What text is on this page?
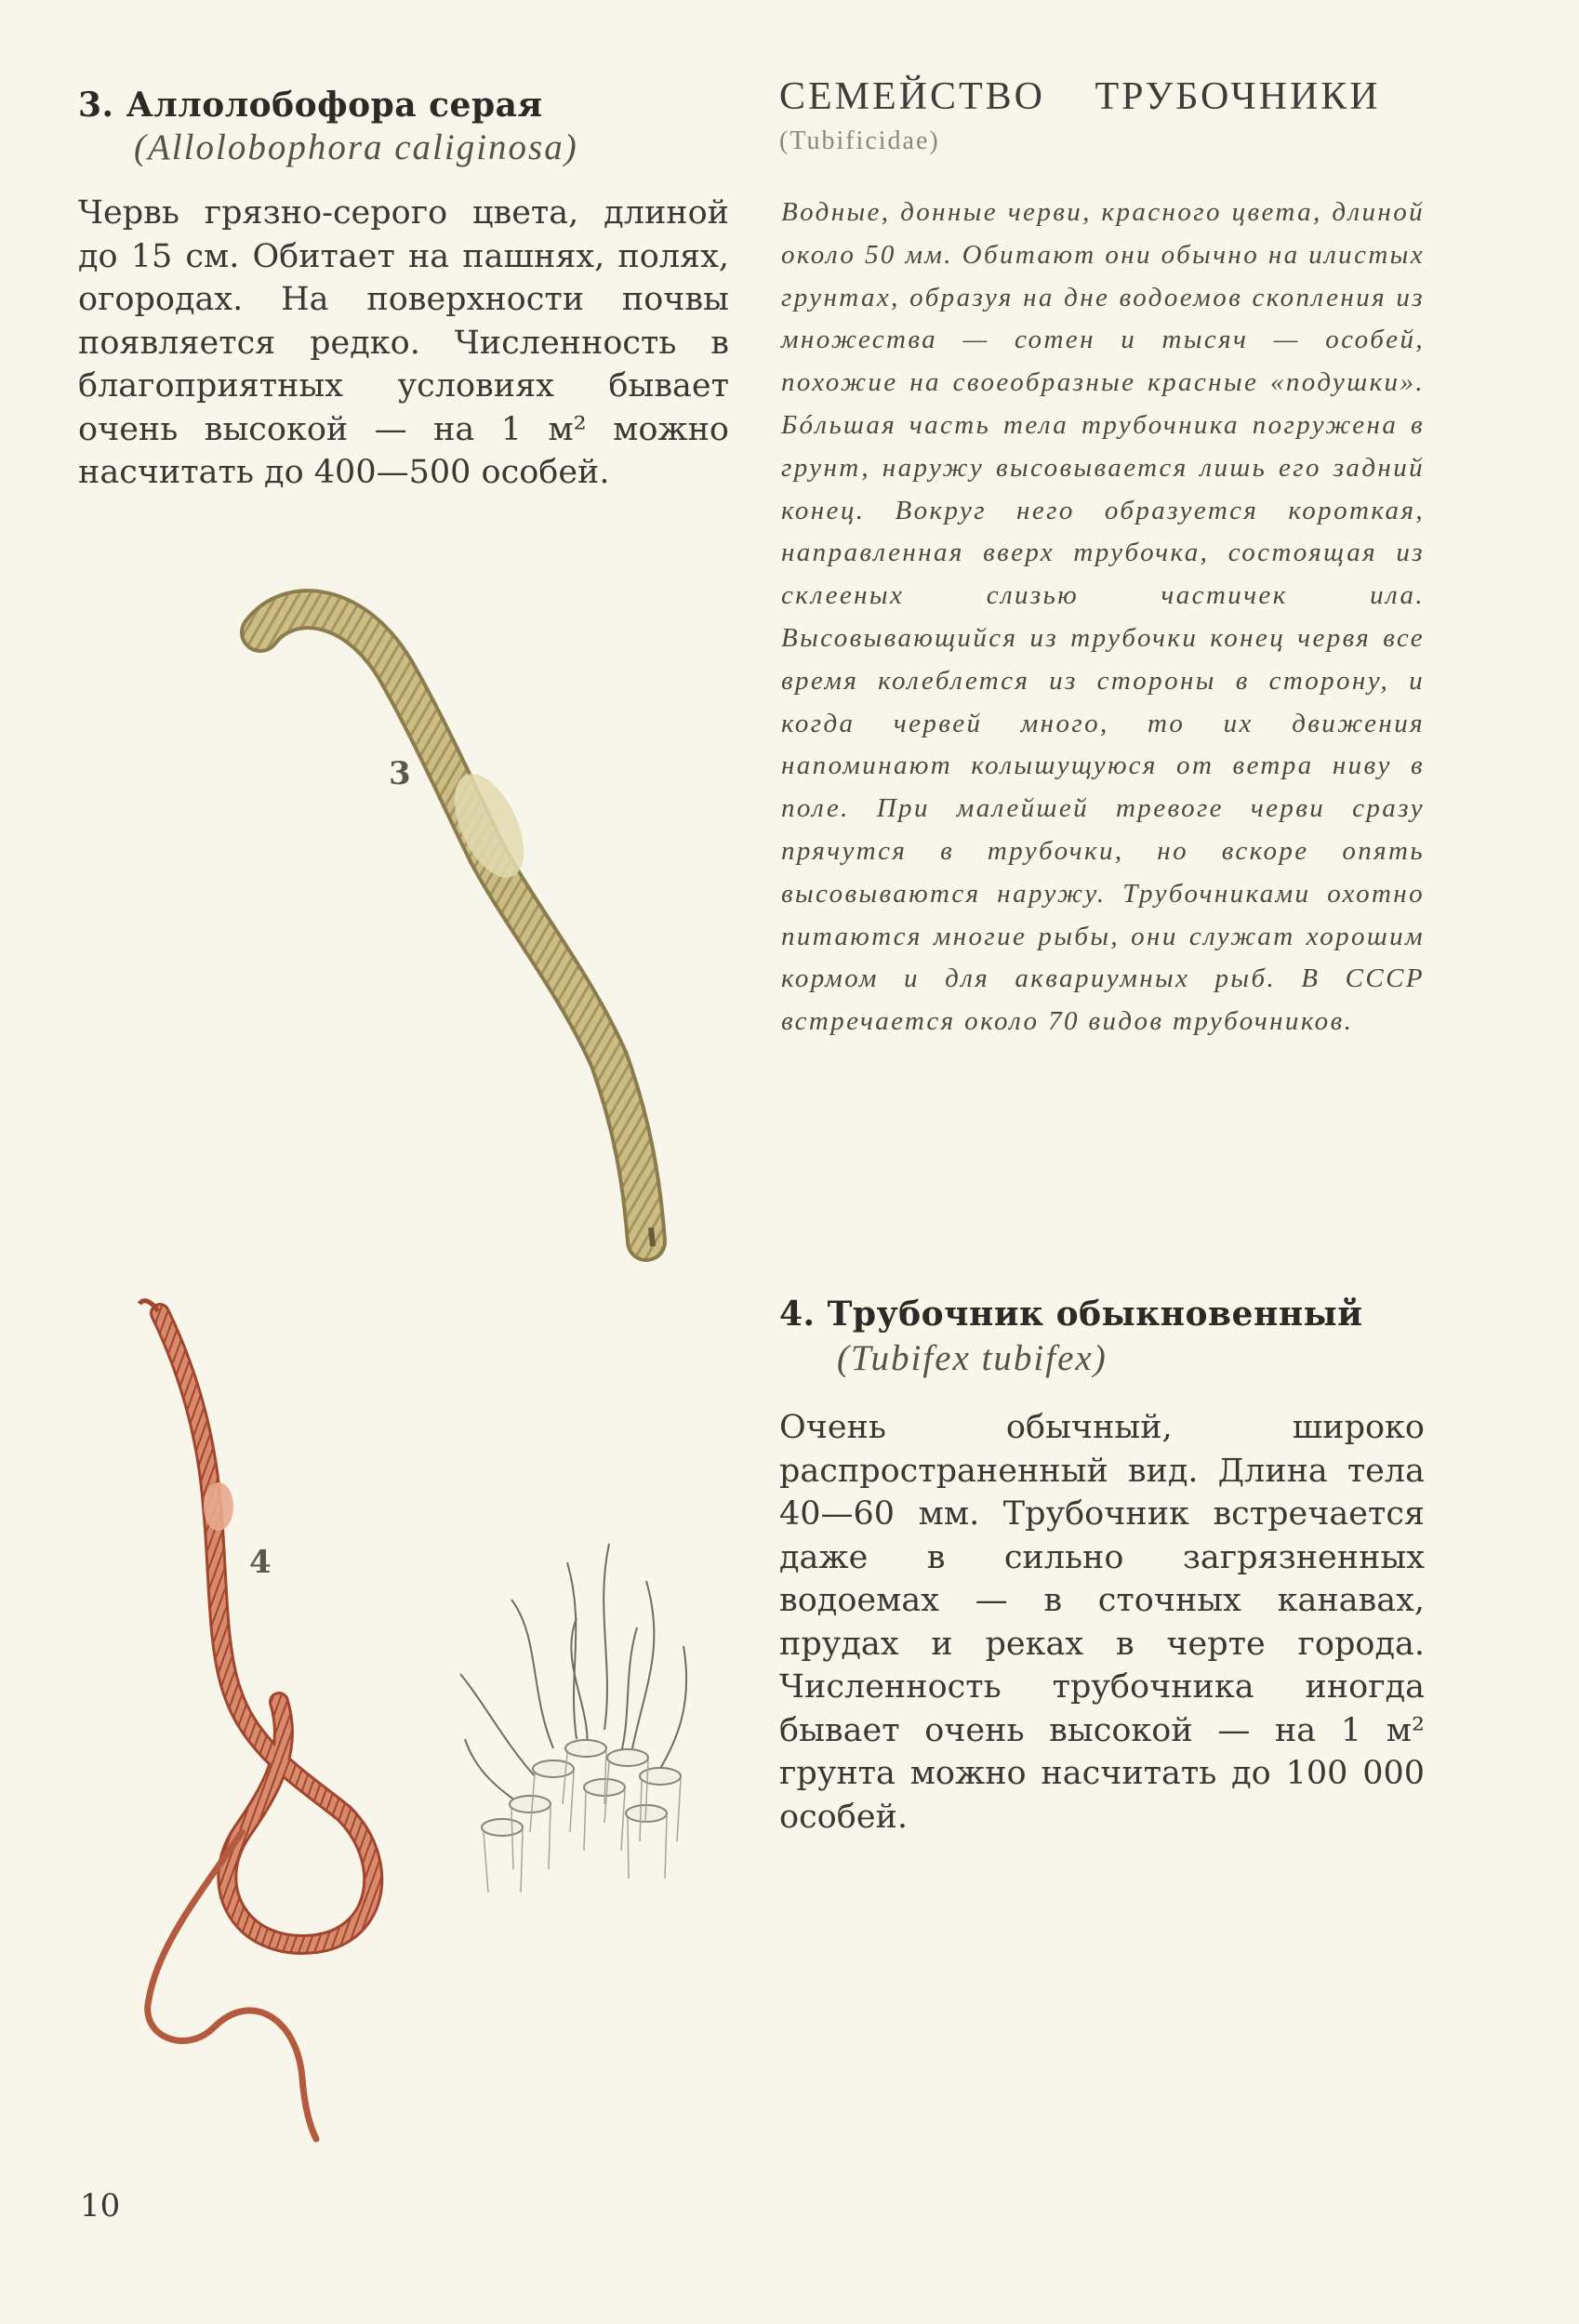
3. Аллолобофора серая
(Allolobophora caliginosa)
Червь грязно-серого цвета, длиной до 15 см. Обитает на пашнях, полях, огородах. На поверхности почвы появляется редко. Численность в благоприятных условиях бывает очень высокой — на 1 м² можно насчитать до 400—500 особей.
3
4
СЕМЕЙСТВО ТРУБОЧНИКИ
(Tubificidae)
Водные, донные черви, красного цвета, длиной около 50 мм. Обитают они обычно на илистых грунтах, образуя на дне водоемов скопления из множества — сотен и тысяч — особей, похожие на своеобразные красные «подушки». Бóльшая часть тела трубочника погружена в грунт, наружу высовывается лишь его задний конец. Вокруг него образуется короткая, направленная вверх трубочка, состоящая из склееных слизью частичек ила. Высовывающийся из трубочки конец червя все время колеблется из стороны в сторону, и когда червей много, то их движения напоминают колышущуюся от ветра ниву в поле. При малейшей тревоге черви сразу прячутся в трубочки, но вскоре опять высовываются наружу. Трубочниками охотно питаются многие рыбы, они служат хорошим кормом и для аквариумных рыб. В СССР встречается около 70 видов трубочников.
4. Трубочник обыкновенный
(Tubifex tubifex)
Очень обычный, широко распространенный вид. Длина тела 40—60 мм. Трубочник встречается даже в сильно загрязненных водоемах — в сточных канавах, прудах и реках в черте города. Численность трубочника иногда бывает очень высокой — на 1 м² грунта можно насчитать до 100 000 особей.
10
